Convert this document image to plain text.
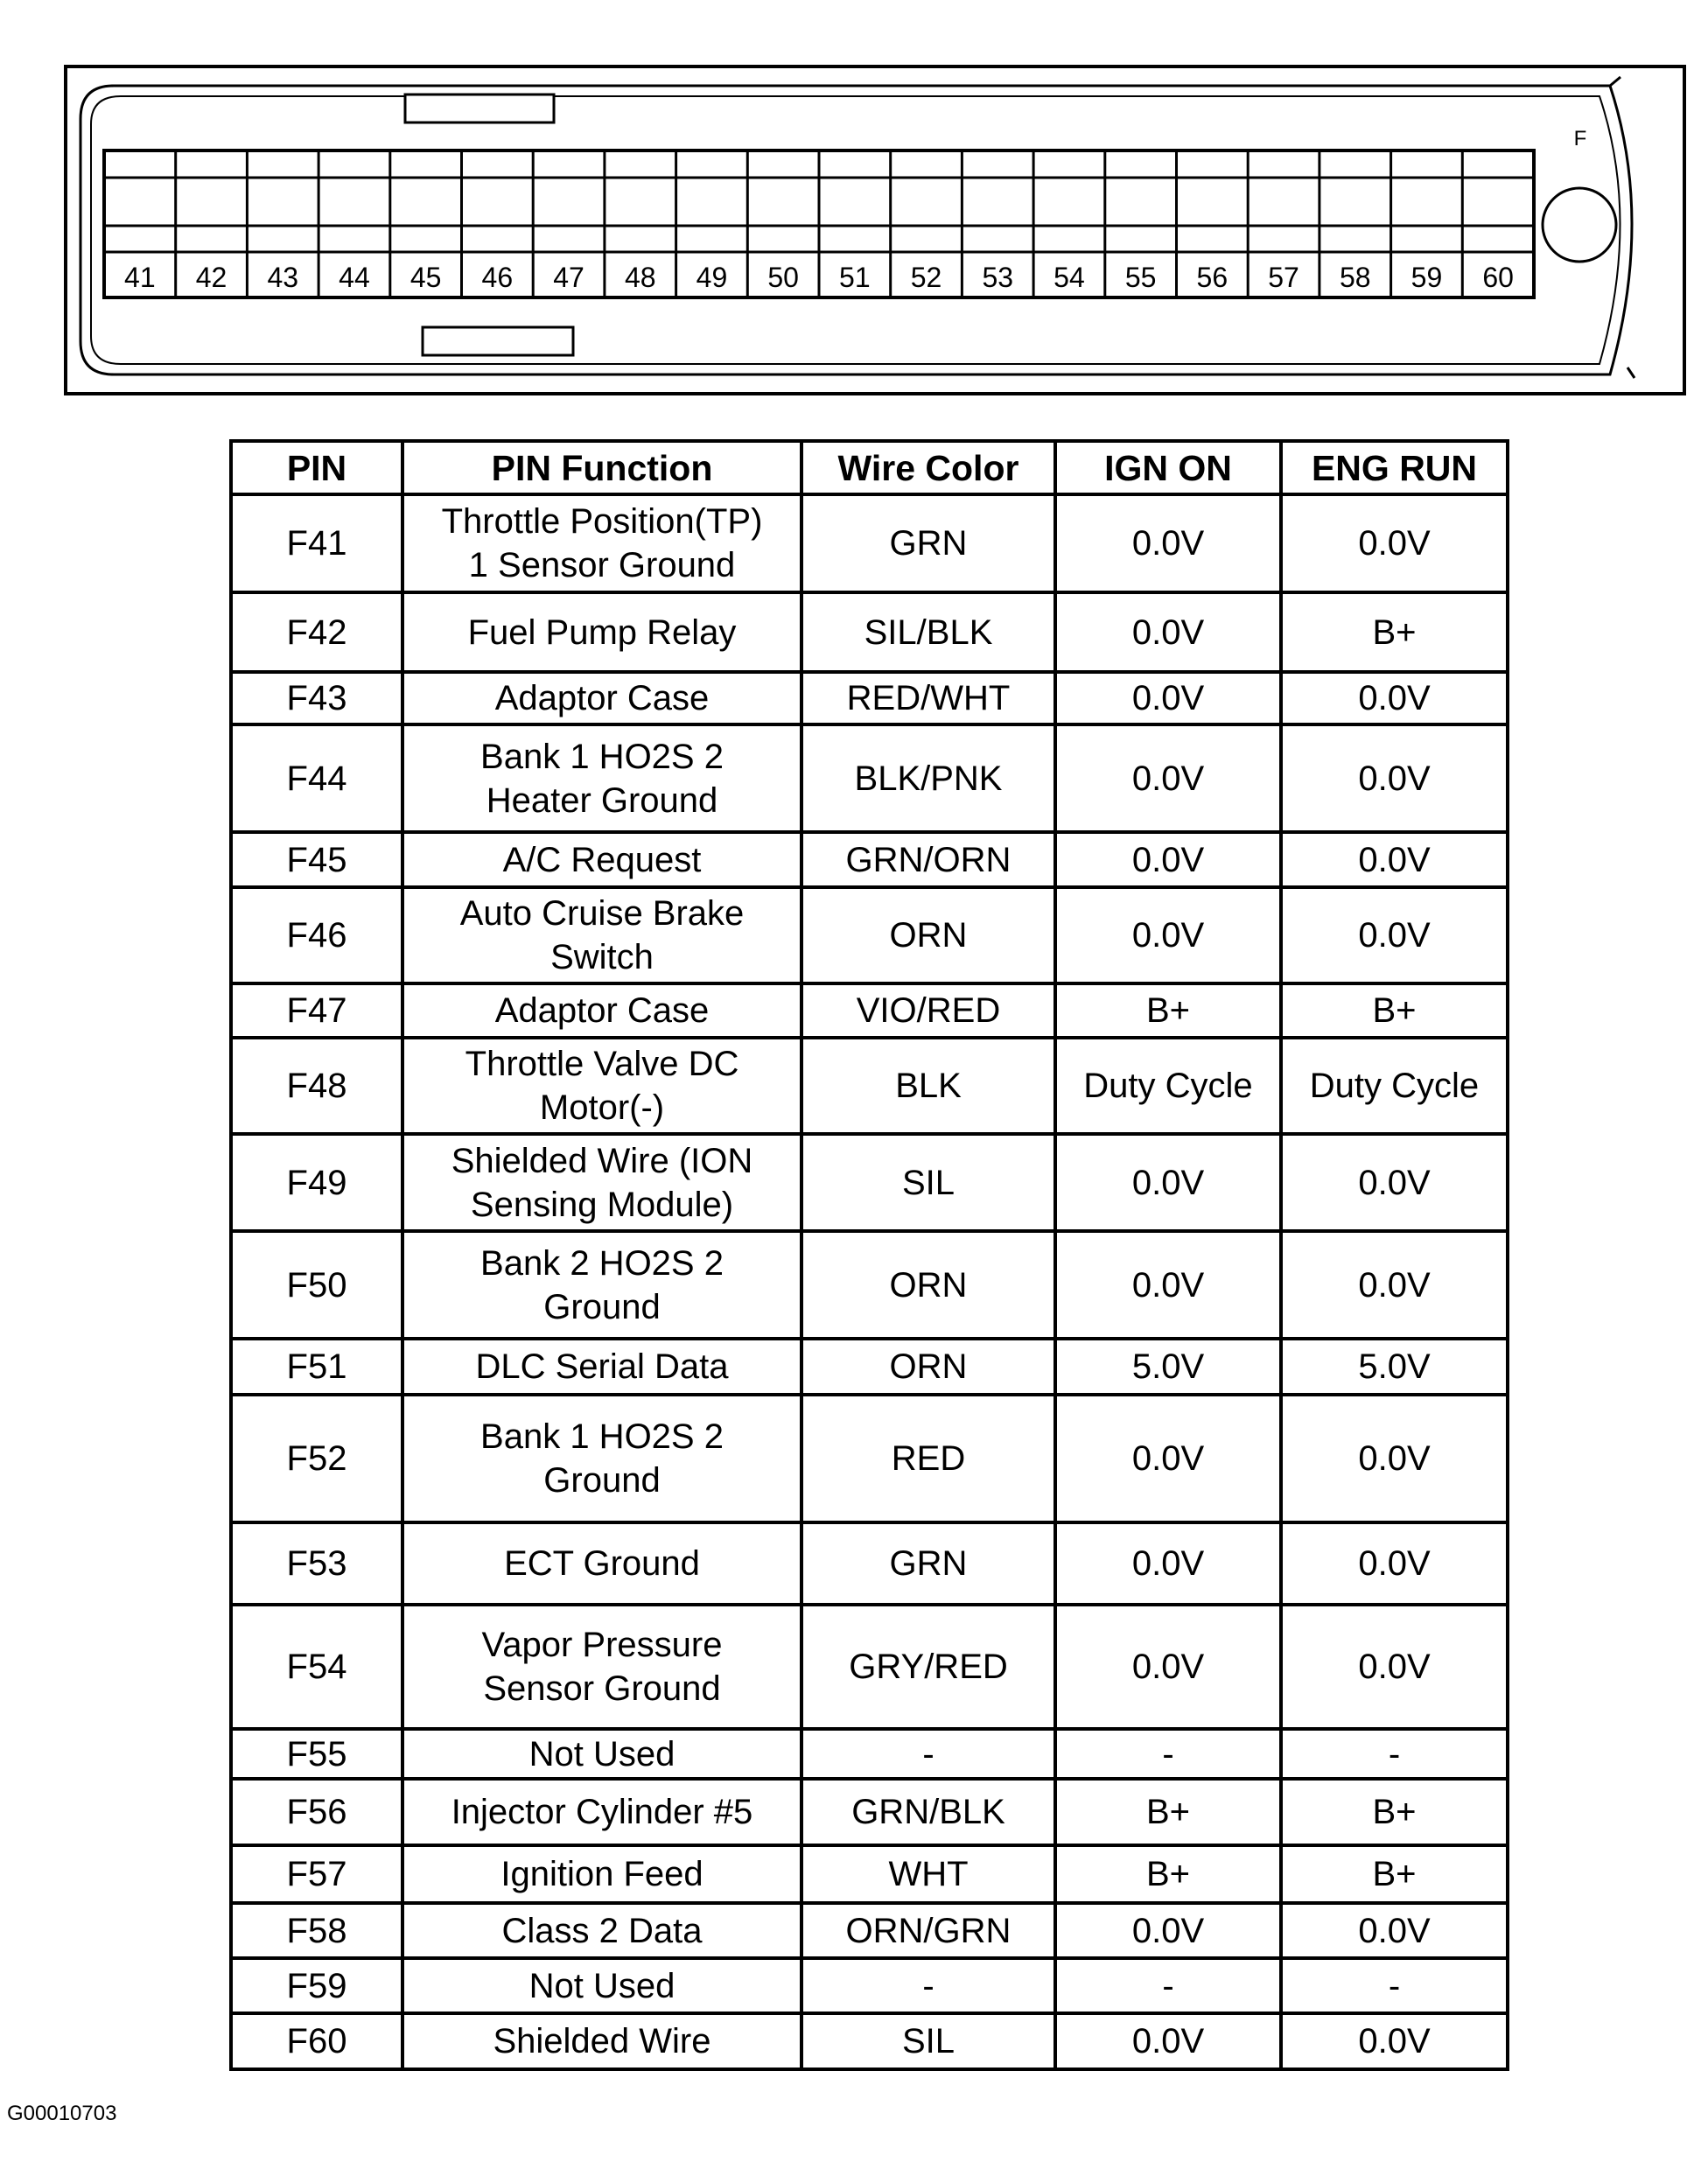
F
41 42 43 44 45 46 47 48 49 50 51 52 53 54 55 56 57 58 59 60
PIN	PIN Function	Wire Color	IGN ON	ENG RUN
F41	Throttle Position(TP)
1 Sensor Ground	GRN	0.0V	0.0V
F42	Fuel Pump Relay	SIL/BLK	0.0V	B+
F43	Adaptor Case	RED/WHT	0.0V	0.0V
F44	Bank 1 HO2S 2
Heater Ground	BLK/PNK	0.0V	0.0V
F45	A/C Request	GRN/ORN	0.0V	0.0V
F46	Auto Cruise Brake
Switch	ORN	0.0V	0.0V
F47	Adaptor Case	VIO/RED	B+	B+
F48	Throttle Valve DC
Motor(-)	BLK	Duty Cycle	Duty Cycle
F49	Shielded Wire (ION
Sensing Module)	SIL	0.0V	0.0V
F50	Bank 2 HO2S 2
Ground	ORN	0.0V	0.0V
F51	DLC Serial Data	ORN	5.0V	5.0V
F52	Bank 1 HO2S 2
Ground	RED	0.0V	0.0V
F53	ECT Ground	GRN	0.0V	0.0V
F54	Vapor Pressure
Sensor Ground	GRY/RED	0.0V	0.0V
F55	Not Used	-	-	-
F56	Injector Cylinder #5	GRN/BLK	B+	B+
F57	Ignition Feed	WHT	B+	B+
F58	Class 2 Data	ORN/GRN	0.0V	0.0V
F59	Not Used	-	-	-
F60	Shielded Wire	SIL	0.0V	0.0V
G00010703
